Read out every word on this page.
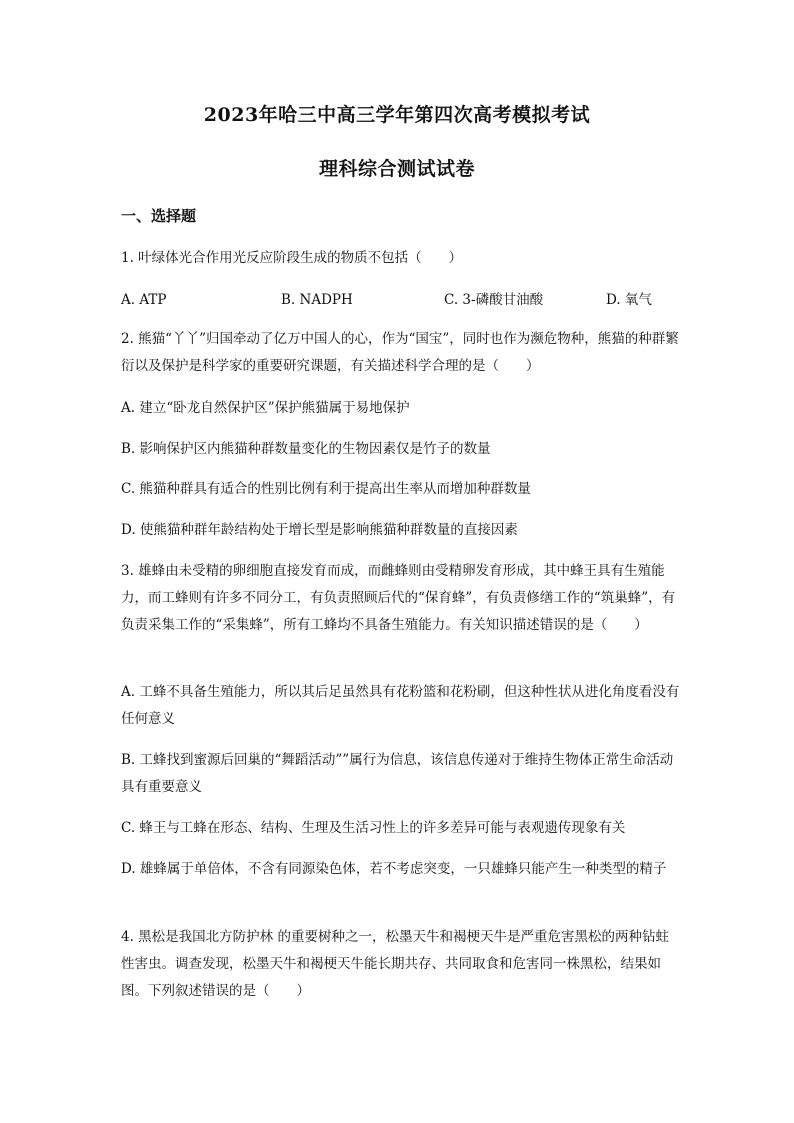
2023年哈三中高三学年第四次高考模拟考试
理科综合测试试卷
一、选择题
1. 叶绿体光合作用光反应阶段生成的物质不包括（　　）
A. ATP	B. NADPH	C. 3-磷酸甘油酸	D. 氧气
2. 熊猫“丫丫”归国牵动了亿万中国人的心，作为“国宝”，同时也作为濒危物种，熊猫的种群繁衍以及保护是科学家的重要研究课题，有关描述科学合理的是（　　）
A. 建立“卧龙自然保护区”保护熊猫属于易地保护
B. 影响保护区内熊猫种群数量变化的生物因素仅是竹子的数量
C. 熊猫种群具有适合的性别比例有利于提高出生率从而增加种群数量
D. 使熊猫种群年龄结构处于增长型是影响熊猫种群数量的直接因素
3. 雄蜂由未受精的卵细胞直接发育而成，而雌蜂则由受精卵发育形成，其中蜂王具有生殖能力，而工蜂则有许多不同分工，有负责照顾后代的“保育蜂”，有负责修缮工作的“筑巢蜂”，有负责采集工作的“采集蜂”，所有工蜂均不具备生殖能力。有关知识描述错误的是（　　）
A. 工蜂不具备生殖能力，所以其后足虽然具有花粉篮和花粉刷，但这种性状从进化角度看没有任何意义
B. 工蜂找到蜜源后回巢的“舞蹈活动””属行为信息，该信息传递对于维持生物体正常生命活动具有重要意义
C. 蜂王与工蜂在形态、结构、生理及生活习性上的许多差异可能与表观遗传现象有关
D. 雄蜂属于单倍体，不含有同源染色体，若不考虑突变，一只雄蜂只能产生一种类型的精子
4. 黑松是我国北方防护林 的重要树种之一，松墨天牛和褐梗天牛是严重危害黑松的两种钻蛀性害虫。调查发现，松墨天牛和褐梗天牛能长期共存、共同取食和危害同一株黑松，结果如图。下列叙述错误的是（　　）
